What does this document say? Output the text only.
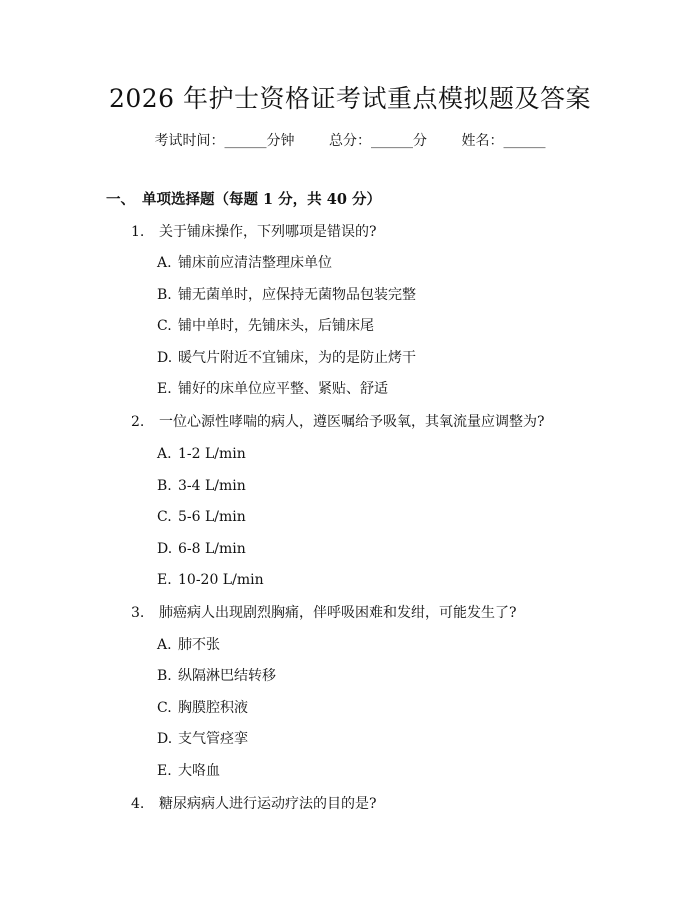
2026 年护士资格证考试重点模拟题及答案
考试时间：______分钟 总分：______分 姓名：______
一、 单项选择题（每题 1 分，共 40 分）
1. 关于铺床操作，下列哪项是错误的?
A. 铺床前应清洁整理床单位
B. 铺无菌单时，应保持无菌物品包装完整
C. 铺中单时，先铺床头，后铺床尾
D. 暖气片附近不宜铺床，为的是防止烤干
E. 铺好的床单位应平整、紧贴、舒适
2. 一位心源性哮喘的病人，遵医嘱给予吸氧，其氧流量应调整为?
A. 1-2 L/min
B. 3-4 L/min
C. 5-6 L/min
D. 6-8 L/min
E. 10-20 L/min
3. 肺癌病人出现剧烈胸痛，伴呼吸困难和发绀，可能发生了?
A. 肺不张
B. 纵隔淋巴结转移
C. 胸膜腔积液
D. 支气管痉挛
E. 大咯血
4. 糖尿病病人进行运动疗法的目的是?
